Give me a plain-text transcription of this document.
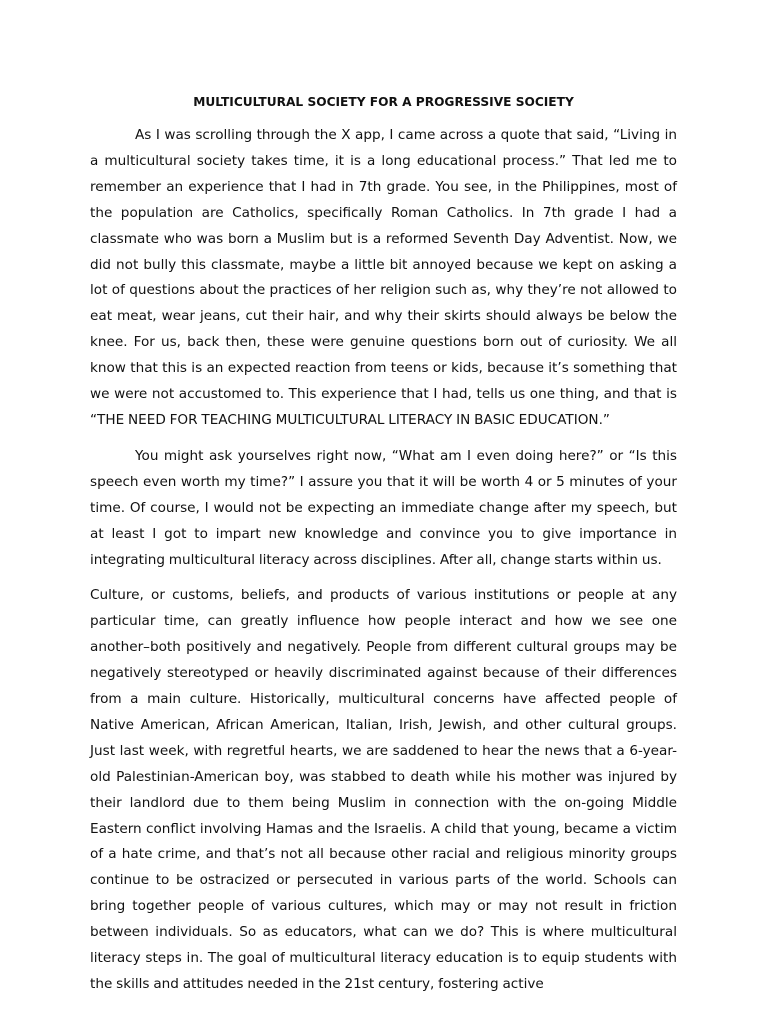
MULTICULTURAL SOCIETY FOR A PROGRESSIVE SOCIETY

As I was scrolling through the X app, I came across a quote that said, “Living in a multicultural society takes time, it is a long educational process.” That led me to remember an experience that I had in 7th grade. You see, in the Philippines, most of the population are Catholics, specifically Roman Catholics. In 7th grade I had a classmate who was born a Muslim but is a reformed Seventh Day Adventist. Now, we did not bully this classmate, maybe a little bit annoyed because we kept on asking a lot of questions about the practices of her religion such as, why they’re not allowed to eat meat, wear jeans, cut their hair, and why their skirts should always be below the knee. For us, back then, these were genuine questions born out of curiosity. We all know that this is an expected reaction from teens or kids, because it’s something that we were not accustomed to. This experience that I had, tells us one thing, and that is “THE NEED FOR TEACHING MULTICULTURAL LITERACY IN BASIC EDUCATION.”

You might ask yourselves right now, “What am I even doing here?” or “Is this speech even worth my time?” I assure you that it will be worth 4 or 5 minutes of your time. Of course, I would not be expecting an immediate change after my speech, but at least I got to impart new knowledge and convince you to give importance in integrating multicultural literacy across disciplines. After all, change starts within us.

Culture, or customs, beliefs, and products of various institutions or people at any particular time, can greatly influence how people interact and how we see one another–both positively and negatively. People from different cultural groups may be negatively stereotyped or heavily discriminated against because of their differences from a main culture. Historically, multicultural concerns have affected people of Native American, African American, Italian, Irish, Jewish, and other cultural groups. Just last week, with regretful hearts, we are saddened to hear the news that a 6-year-old Palestinian-American boy, was stabbed to death while his mother was injured by their landlord due to them being Muslim in connection with the on-going Middle Eastern conflict involving Hamas and the Israelis. A child that young, became a victim of a hate crime, and that’s not all because other racial and religious minority groups continue to be ostracized or persecuted in various parts of the world. Schools can bring together people of various cultures, which may or may not result in friction between individuals. So as educators, what can we do? This is where multicultural literacy steps in. The goal of multicultural literacy education is to equip students with the skills and attitudes needed in the 21st century, fostering active
